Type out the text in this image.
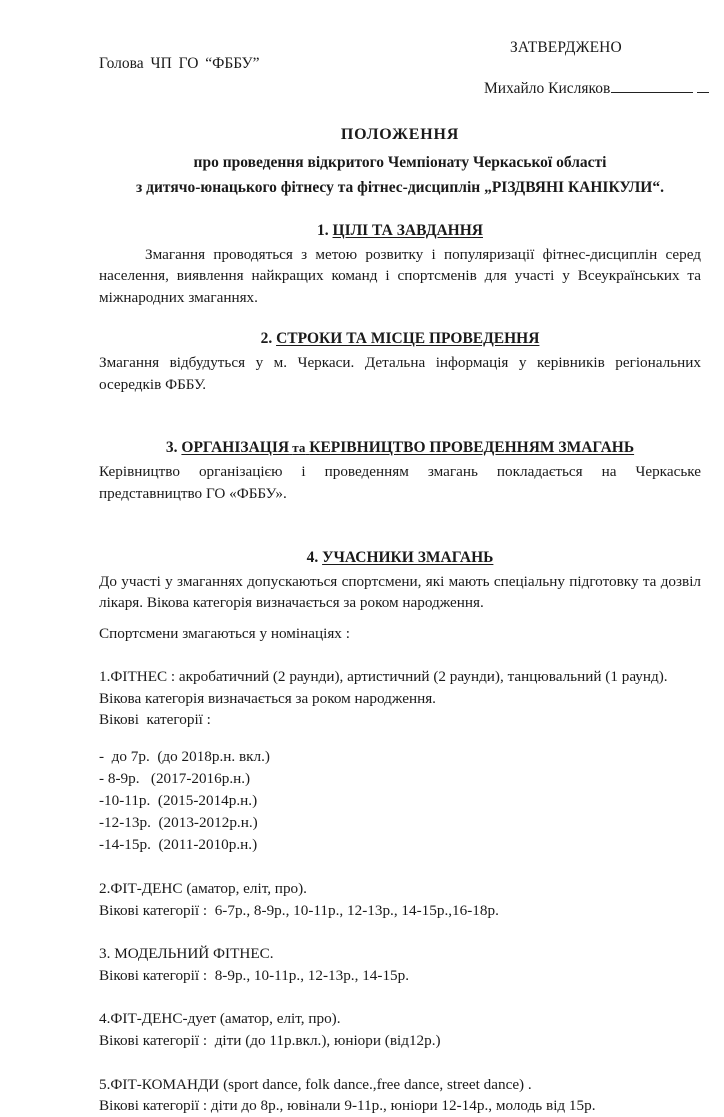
ЗАТВЕРДЖЕНО
Голова ЧП ГО “ФББУ”
Михайло Кисляков
ПОЛОЖЕННЯ
про проведення відкритого Чемпіонату Черкаської області
з дитячо-юнацького фітнесу та фітнес-дисциплін „РІЗДВЯНІ КАНІКУЛИ“.
1. ЦІЛІ ТА ЗАВДАННЯ

Змагання проводяться з метою розвитку і популяризації фітнес-дисциплін серед населення, виявлення найкращих команд і спортсменів для участі у Всеукраїнських та міжнародних змаганнях.

2. СТРОКИ ТА МІСЦЕ ПРОВЕДЕННЯ

Змагання відбудуться у м. Черкаси. Детальна інформація у керівників регіональних осередків ФББУ.

3. ОРГАНІЗАЦІЯ та КЕРІВНИЦТВО ПРОВЕДЕННЯМ ЗМАГАНЬ

Керівництво організацією і проведенням змагань покладається на Черкаське представництво ГО «ФББУ».

4. УЧАСНИКИ ЗМАГАНЬ

До участі у змаганнях допускаються спортсмени, які мають спеціальну підготовку та дозвіл лікаря. Вікова категорія визначається за роком народження.

Спортсмени змагаються у номінаціях :

1.ФІТНЕС : акробатичний (2 раунди), артистичний (2 раунди), танцювальний (1 раунд).

Вікова категорія визначається за роком народження.

Вікові  категорії :

-  до 7р.  (до 2018р.н. вкл.)

- 8-9р.   (2017-2016р.н.)

-10-11р.  (2015-2014р.н.)

-12-13р.  (2013-2012р.н.)

-14-15р.  (2011-2010р.н.)

2.ФІТ-ДЕНС (аматор, еліт, про).

Вікові категорії :  6-7р., 8-9р., 10-11р., 12-13р., 14-15р.,16-18р.

3. МОДЕЛЬНИЙ ФІТНЕС.

Вікові категорії :  8-9р., 10-11р., 12-13р., 14-15р.

4.ФІТ-ДЕНС-дует (аматор, еліт, про).

Вікові категорії :  діти (до 11р.вкл.), юніори (від12р.)

5.ФІТ-КОМАНДИ (sport dance, folk dance.,free dance, street dance) .

Вікові категорії : діти до 8р., ювінали 9-11р., юніори 12-14р., молодь від 15р.
